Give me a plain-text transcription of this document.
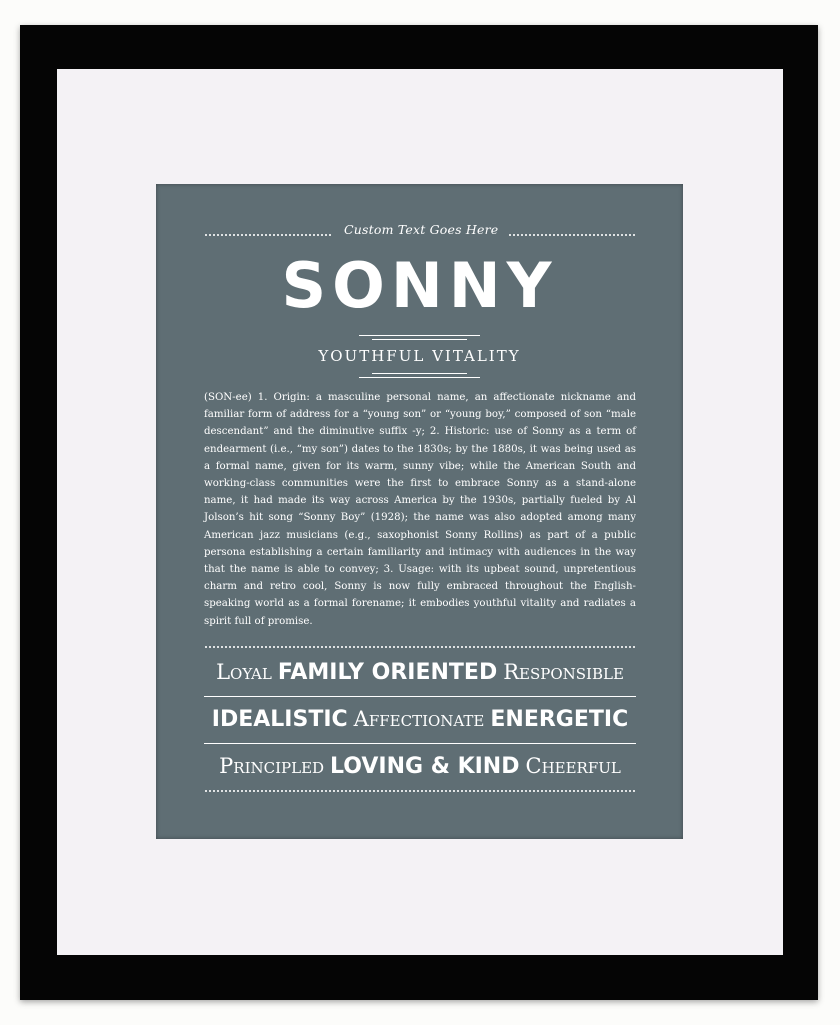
Custom Text Goes Here
SONNY
YOUTHFUL VITALITY
(SON-ee) 1. Origin: a masculine personal name, an affectionate nickname and familiar form of address for a “young son” or “young boy,” composed of son “male descendant” and the diminutive suffix -y; 2. Historic: use of Sonny as a term of endearment (i.e., “my son”) dates to the 1830s; by the 1880s, it was being used as a formal name, given for its warm, sunny vibe; while the American South and working-class communities were the first to embrace Sonny as a stand-alone name, it had made its way across America by the 1930s, partially fueled by Al Jolson’s hit song “Sonny Boy” (1928); the name was also adopted among many American jazz musicians (e.g., saxophonist Sonny Rollins) as part of a public persona establishing a certain familiarity and intimacy with audiences in the way that the name is able to convey; 3. Usage: with its upbeat sound, unpretentious charm and retro cool, Sonny is now fully embraced throughout the English-speaking world as a formal forename; it embodies youthful vitality and radiates a spirit full of promise.
Loyal FAMILY ORIENTED Responsible
IDEALISTIC Affectionate ENERGETIC
Principled LOVING & KIND Cheerful
